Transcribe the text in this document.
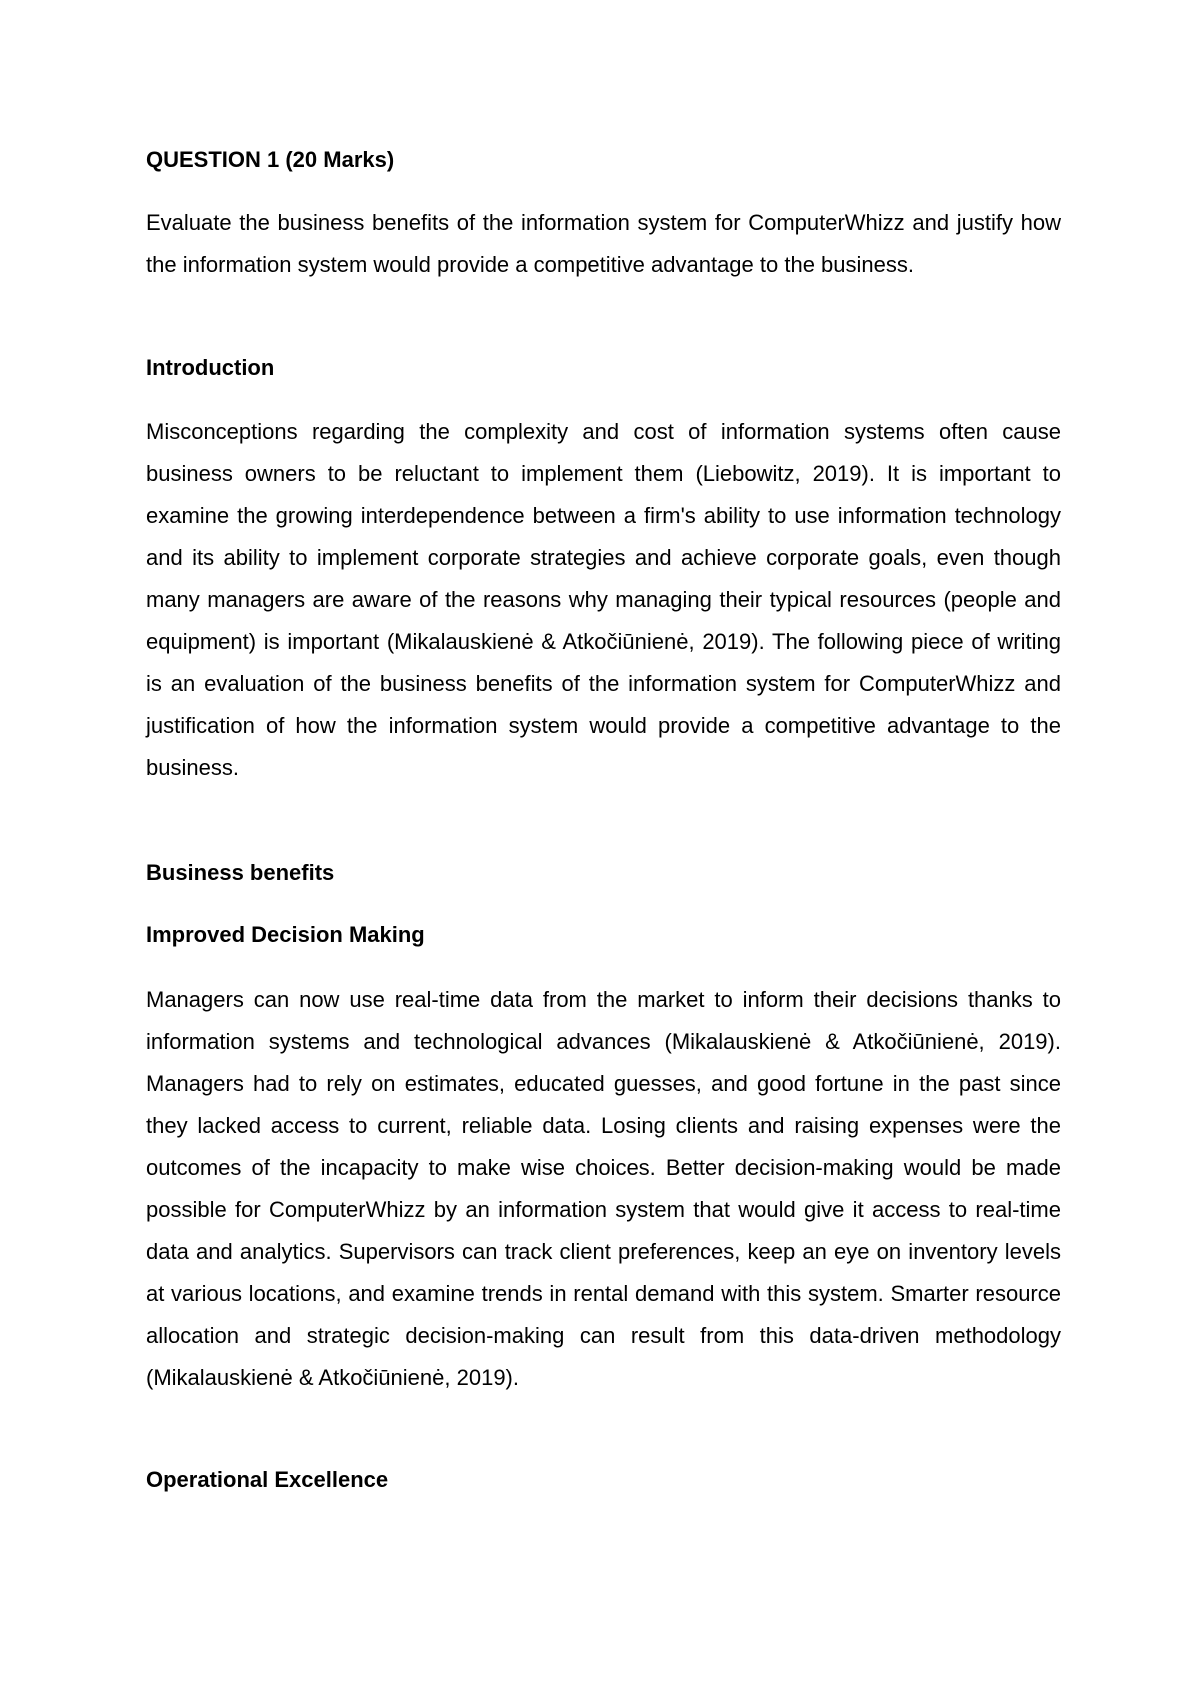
QUESTION 1 (20 Marks)

Evaluate the business benefits of the information system for ComputerWhizz and justify how the information system would provide a competitive advantage to the business.

Introduction

Misconceptions regarding the complexity and cost of information systems often cause business owners to be reluctant to implement them (Liebowitz, 2019). It is important to examine the growing interdependence between a firm's ability to use information technology and its ability to implement corporate strategies and achieve corporate goals, even though many managers are aware of the reasons why managing their typical resources (people and equipment) is important (Mikalauskienė & Atkočiūnienė, 2019). The following piece of writing is an evaluation of the business benefits of the information system for ComputerWhizz and justification of how the information system would provide a competitive advantage to the business.

Business benefits
Improved Decision Making

Managers can now use real-time data from the market to inform their decisions thanks to information systems and technological advances (Mikalauskienė & Atkočiūnienė, 2019). Managers had to rely on estimates, educated guesses, and good fortune in the past since they lacked access to current, reliable data. Losing clients and raising expenses were the outcomes of the incapacity to make wise choices. Better decision-making would be made possible for ComputerWhizz by an information system that would give it access to real-time data and analytics. Supervisors can track client preferences, keep an eye on inventory levels at various locations, and examine trends in rental demand with this system. Smarter resource allocation and strategic decision-making can result from this data-driven methodology (Mikalauskienė & Atkočiūnienė, 2019).

Operational Excellence
